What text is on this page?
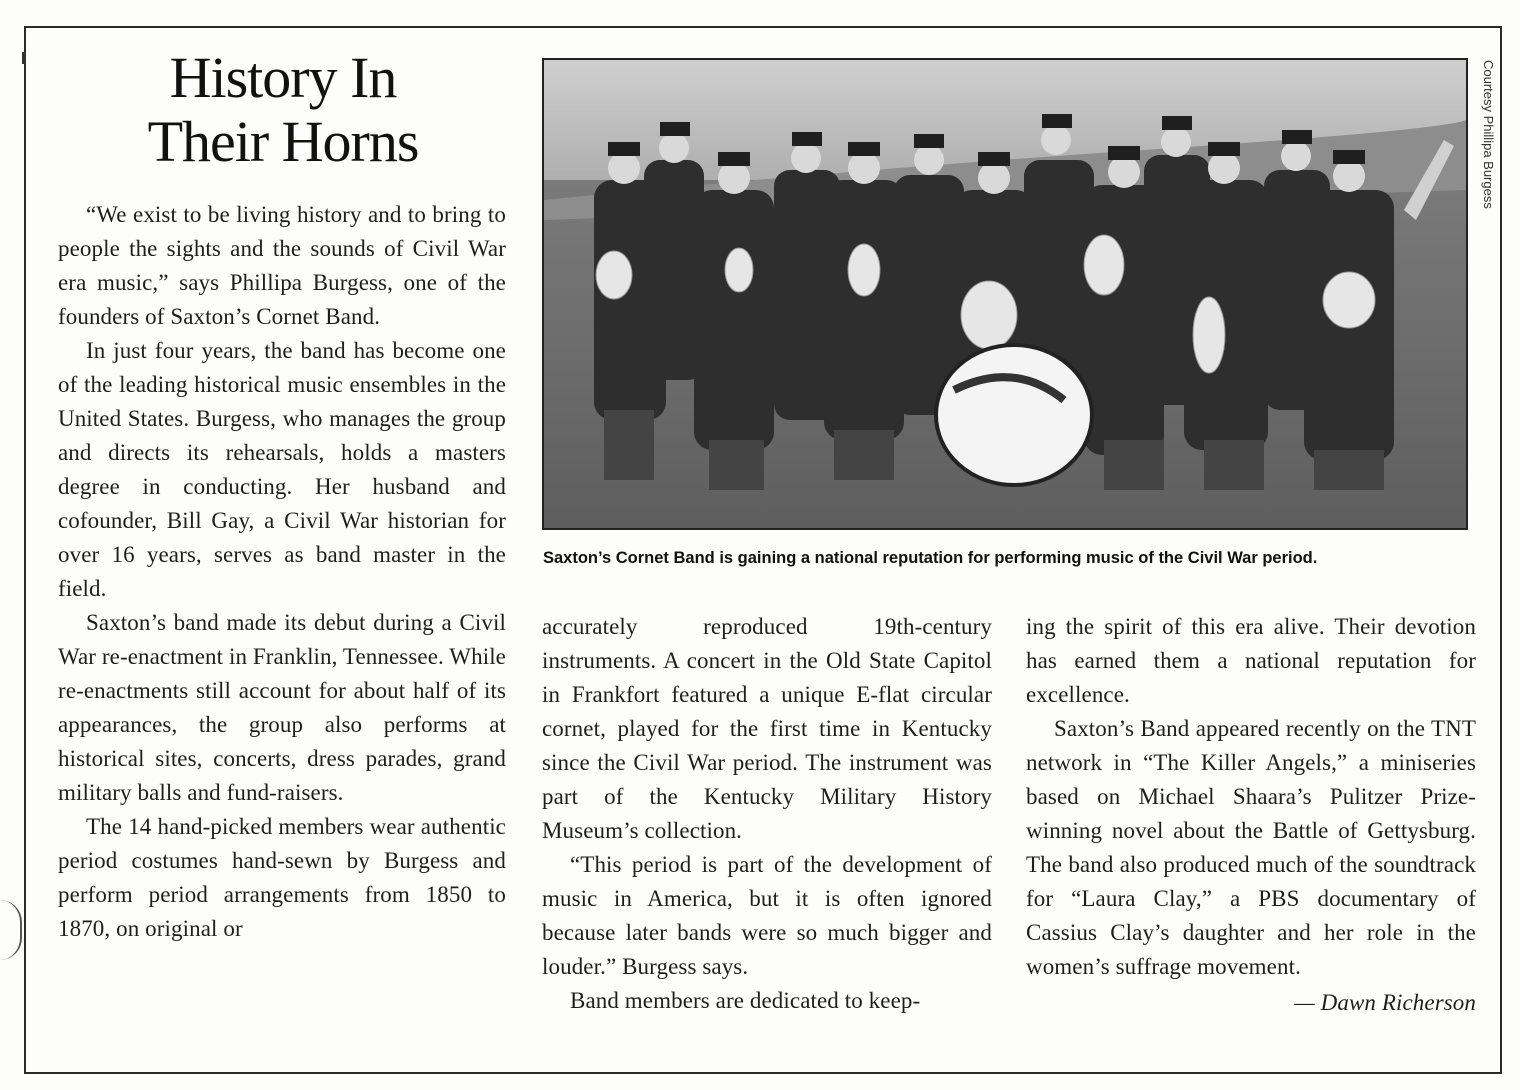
History In
Their Horns

“We exist to be living history and to bring to people the sights and the sounds of Civil War era music,” says Phillipa Burgess, one of the founders of Saxton’s Cornet Band.

In just four years, the band has become one of the leading historical music ensembles in the United States. Burgess, who manages the group and directs its rehearsals, holds a masters degree in conducting. Her husband and cofounder, Bill Gay, a Civil War historian for over 16 years, serves as band master in the field.

Saxton’s band made its debut during a Civil War re-enactment in Franklin, Tennessee. While re-enactments still account for about half of its appearances, the group also performs at historical sites, concerts, dress parades, grand military balls and fund-raisers.

The 14 hand-picked members wear authentic period costumes hand-sewn by Burgess and perform period arrangements from 1850 to 1870, on original or

Courtesy Phillipa Burgess
Saxton’s Cornet Band is gaining a national reputation for performing music of the Civil War period.

accurately reproduced 19th-century instruments. A concert in the Old State Capitol in Frankfort featured a unique E-flat circular cornet, played for the first time in Kentucky since the Civil War period. The instrument was part of the Kentucky Military History Museum’s collection.

“This period is part of the development of music in America, but it is often ignored because later bands were so much bigger and louder.” Burgess says.

Band members are dedicated to keep-

ing the spirit of this era alive. Their devotion has earned them a national reputation for excellence.

Saxton’s Band appeared recently on the TNT network in “The Killer Angels,” a miniseries based on Michael Shaara’s Pulitzer Prize-winning novel about the Battle of Gettysburg. The band also produced much of the soundtrack for “Laura Clay,” a PBS documentary of Cassius Clay’s daughter and her role in the women’s suffrage movement.

— Dawn Richerson
